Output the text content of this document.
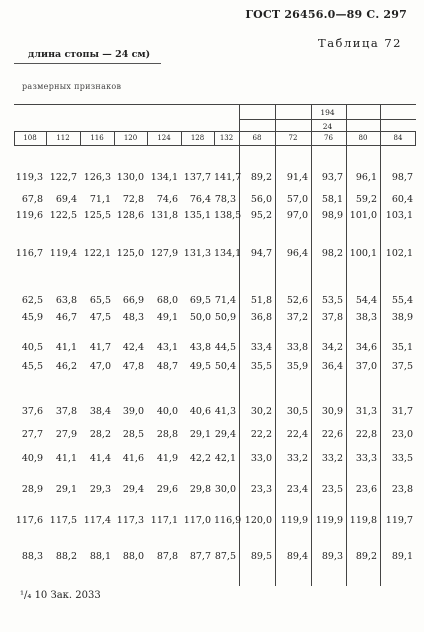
ГОСТ 26456.0—89 С. 297
Таблица 72
длина стопы — 24 см)
размерных признаков
194
24
108	112	116	120	124	128	132	68	72	76	80	84
119,3 122,7 126,3 130,0 134,1 137,7 141,7	89,2	91,4	93,7	96,1	98,7
67,8	69,4	71,1	72,8	74,6	76,4 78,3	56,0	57,0	58,1	59,2	60,4
119,6 122,5 125,5 128,6 131,8 135,1 138,5	95,2	97,0	98,9 101,0 103,1
116,7 119,4 122,1 125,0 127,9 131,3 134,1	94,7	96,4	98,2 100,1 102,1
62,5	63,8	65,5	66,9	68,0	69,5 71,4	51,8	52,6	53,5	54,4	55,4
45,9	46,7	47,5	48,3	49,1	50,0 50,9	36,8	37,2	37,8	38,3	38,9
40,5	41,1	41,7	42,4	43,1	43,8 44,5	33,4	33,8	34,2	34,6	35,1
45,5	46,2	47,0	47,8	48,7	49,5 50,4	35,5	35,9	36,4	37,0	37,5
37,6	37,8	38,4	39,0	40,0	40,6 41,3	30,2	30,5	30,9	31,3	31,7
27,7	27,9	28,2	28,5	28,8	29,1 29,4	22,2	22,4	22,6	22,8	23,0
40,9	41,1	41,4	41,6	41,9	42,2 42,1	33,0	33,2	33,2	33,3	33,5
28,9	29,1	29,3	29,4	29,6	29,8 30,0	23,3	23,4	23,5	23,6	23,8
117,6 117,5 117,4 117,3 117,1 117,0 116,9 120,0 119,9 119,9 119,8 119,7
88,3	88,2	88,1	88,0	87,8	87,7 87,5	89,5	89,4	89,3	89,2	89,1
¹/₄ 10 Зак. 2033
